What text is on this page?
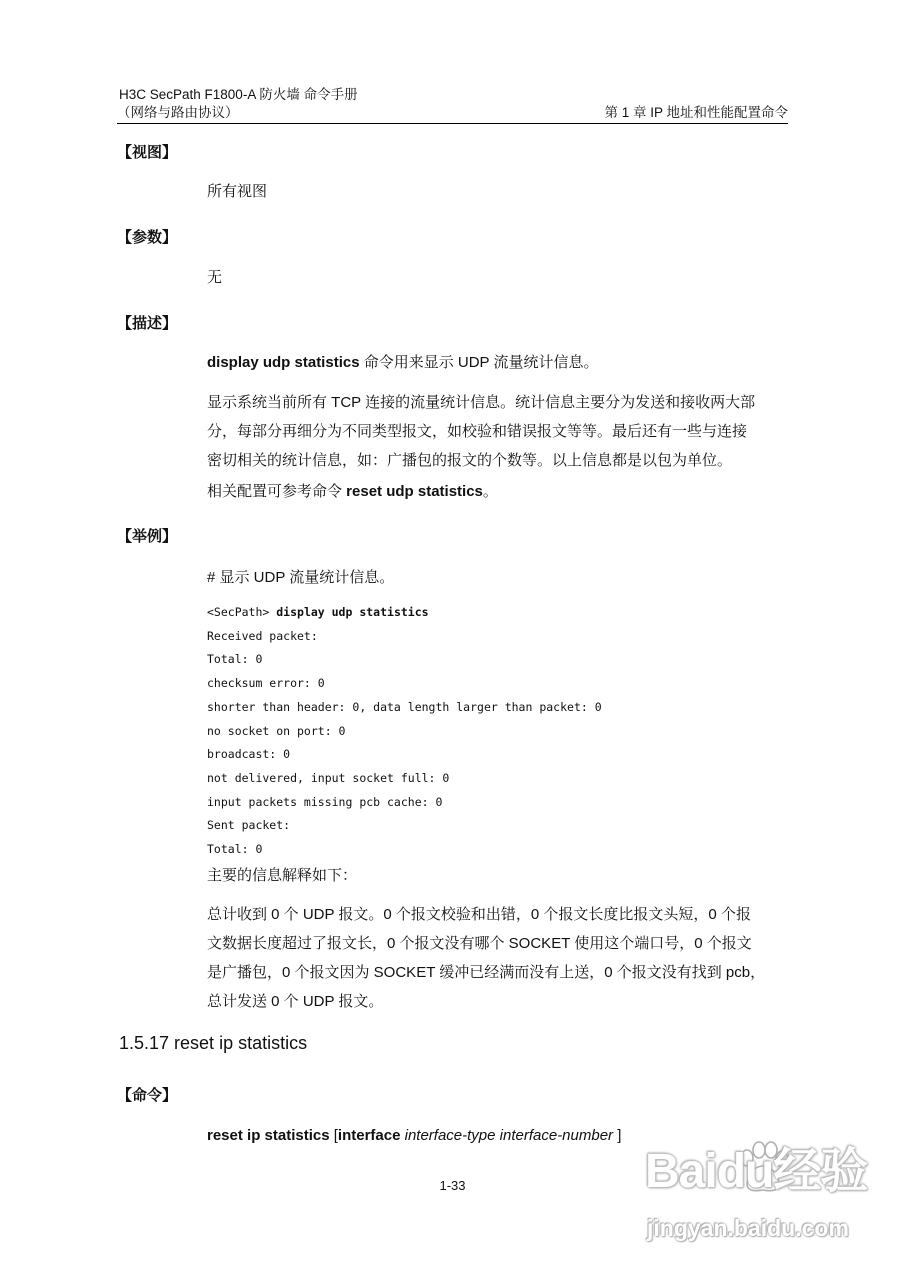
H3C SecPath F1800-A 防火墙 命令手册
（网络与路由协议）	第 1 章 IP 地址和性能配置命令
【视图】
所有视图
【参数】
无
【描述】
display udp statistics 命令用来显示 UDP 流量统计信息。
显示系统当前所有 TCP 连接的流量统计信息。统计信息主要分为发送和接收两大部
分，每部分再细分为不同类型报文，如校验和错误报文等等。最后还有一些与连接
密切相关的统计信息，如：广播包的报文的个数等。以上信息都是以包为单位。
相关配置可参考命令 reset udp statistics。
【举例】
# 显示 UDP 流量统计信息。
<SecPath> display udp statistics
Received packet:
Total: 0
checksum error: 0
shorter than header: 0, data length larger than packet: 0
no socket on port: 0
broadcast: 0
not delivered, input socket full: 0
input packets missing pcb cache: 0
Sent packet:
Total: 0
主要的信息解释如下：
总计收到 0 个 UDP 报文。0 个报文校验和出错，0 个报文长度比报文头短，0 个报
文数据长度超过了报文长，0 个报文没有哪个 SOCKET 使用这个端口号，0 个报文
是广播包，0 个报文因为 SOCKET 缓冲已经满而没有上送，0 个报文没有找到 pcb，
总计发送 0 个 UDP 报文。
1.5.17 reset ip statistics
【命令】
reset ip statistics [interface interface-type interface-number ]
1-33	Baidu经验
jingyan.baidu.com
